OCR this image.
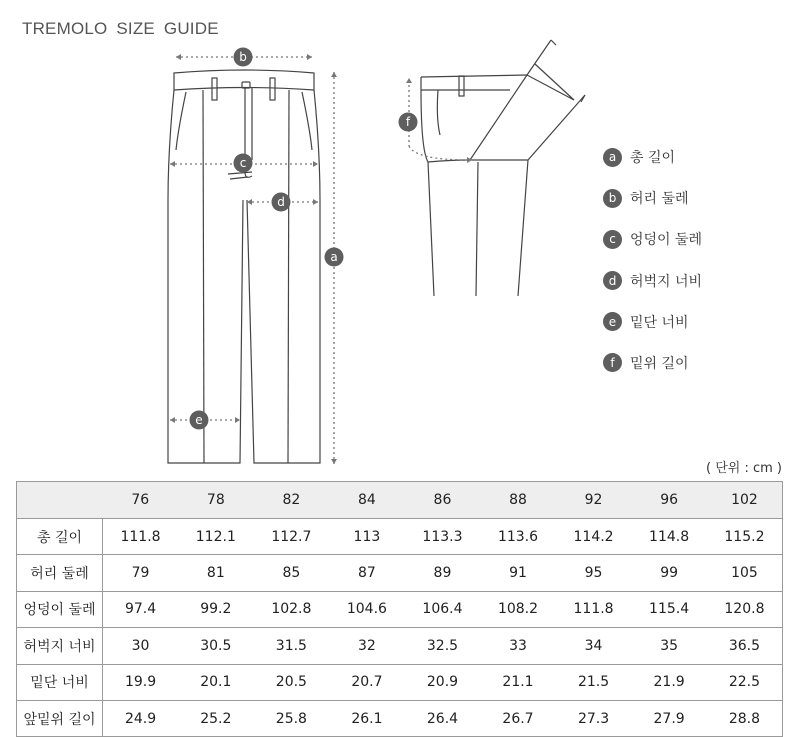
TREMOLO SIZE GUIDE
b
c
d
e
a
f
a 총 길이
b 허리 둘레
c	엉덩이 둘레
d 허벅지 너비
e 밑단 너비
f	밑위 길이
( 단위 : cm )
	76	78	82	84	86	88	92	96	102
총 길이	111.8	112.1	112.7	113	113.3	113.6	114.2	114.8	115.2
허리 둘레	79	81	85	87	89	91	95	99	105
엉덩이 둘레	97.4	99.2	102.8	104.6	106.4	108.2	111.8	115.4	120.8
허벅지 너비	30	30.5	31.5	32	32.5	33	34	35	36.5
밑단 너비	19.9	20.1	20.5	20.7	20.9	21.1	21.5	21.9	22.5
앞밑위 길이	24.9	25.2	25.8	26.1	26.4	26.7	27.3	27.9	28.8
